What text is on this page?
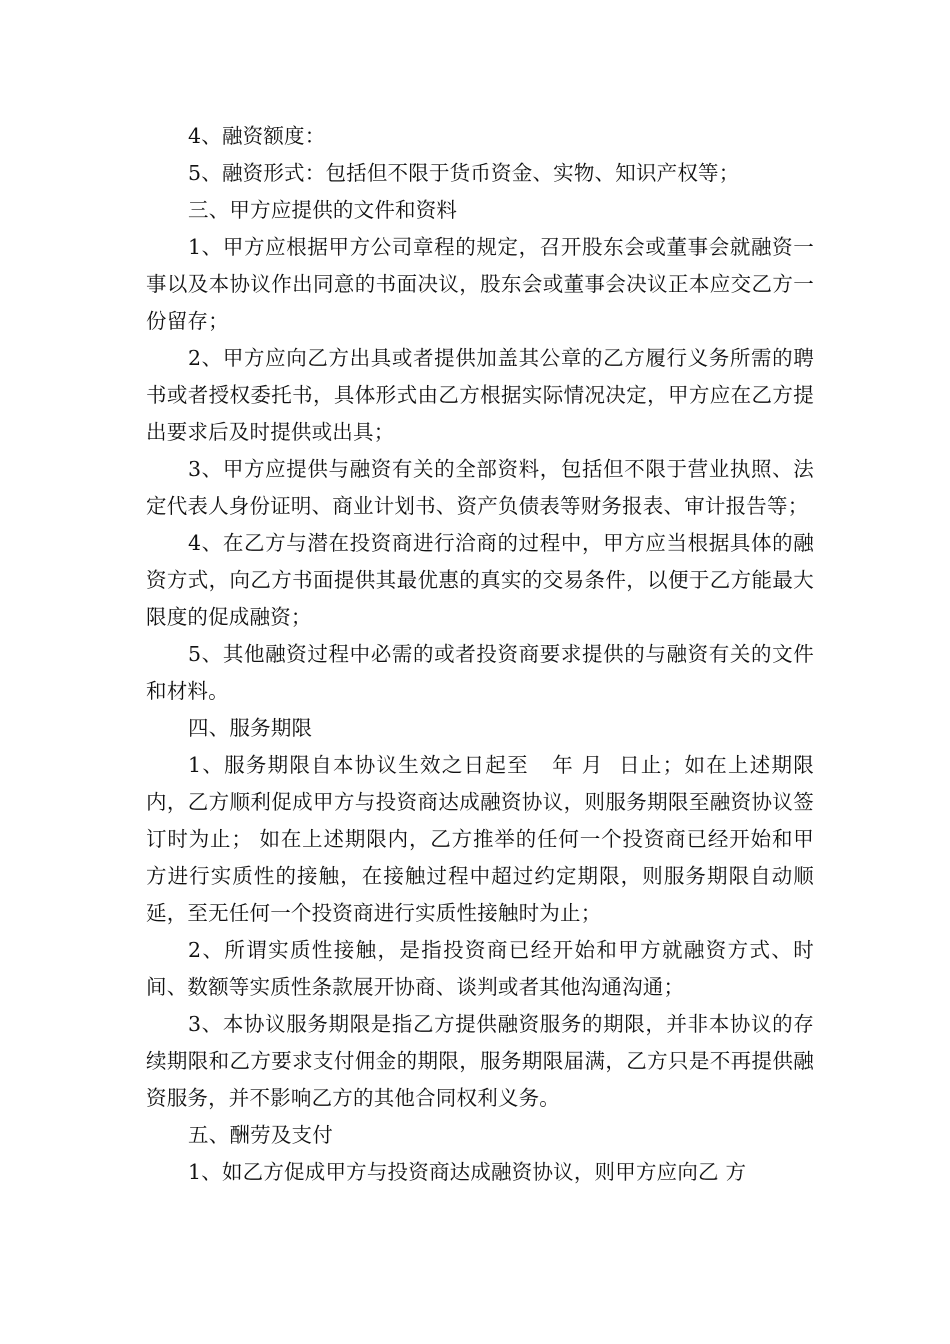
4、融资额度：

5、融资形式：包括但不限于货币资金、实物、知识产权等；

三、甲方应提供的文件和资料

1、甲方应根据甲方公司章程的规定，召开股东会或董事会就融资一事以及本协议作出同意的书面决议，股东会或董事会决议正本应交乙方一份留存；

2、甲方应向乙方出具或者提供加盖其公章的乙方履行义务所需的聘书或者授权委托书，具体形式由乙方根据实际情况决定，甲方应在乙方提出要求后及时提供或出具；

3、甲方应提供与融资有关的全部资料，包括但不限于营业执照、法定代表人身份证明、商业计划书、资产负债表等财务报表、审计报告等；

4、在乙方与潜在投资商进行洽商的过程中，甲方应当根据具体的融资方式，向乙方书面提供其最优惠的真实的交易条件，以便于乙方能最大限度的促成融资；

5、其他融资过程中必需的或者投资商要求提供的与融资有关的文件和材料。

四、服务期限

1、服务期限自本协议生效之日起至   年 月  日止；如在上述期限内，乙方顺利促成甲方与投资商达成融资协议，则服务期限至融资协议签订时为止； 如在上述期限内，乙方推举的任何一个投资商已经开始和甲方进行实质性的接触，在接触过程中超过约定期限，则服务期限自动顺延，至无任何一个投资商进行实质性接触时为止；

2、所谓实质性接触，是指投资商已经开始和甲方就融资方式、时间、数额等实质性条款展开协商、谈判或者其他沟通沟通；

3、本协议服务期限是指乙方提供融资服务的期限，并非本协议的存续期限和乙方要求支付佣金的期限，服务期限届满，乙方只是不再提供融资服务，并不影响乙方的其他合同权利义务。

五、酬劳及支付

1、如乙方促成甲方与投资商达成融资协议，则甲方应向乙 方
